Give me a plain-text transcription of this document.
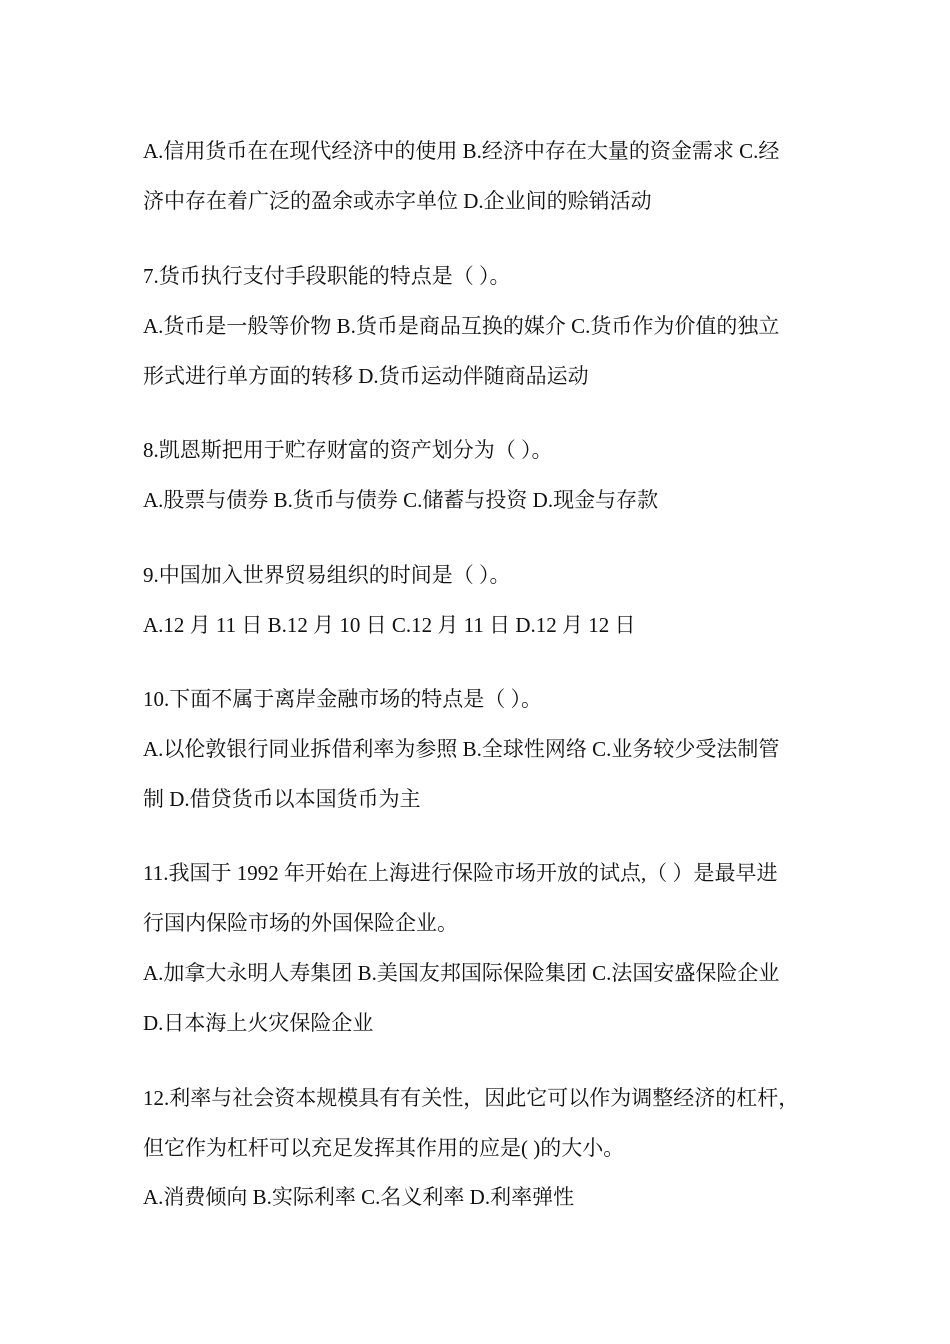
A.信用货币在在现代经济中的使用 B.经济中存在大量的资金需求 C.经
济中存在着广泛的盈余或赤字单位 D.企业间的赊销活动
7.货币执行支付手段职能的特点是（ ）。
A.货币是一般等价物 B.货币是商品互换的媒介 C.货币作为价值的独立
形式进行单方面的转移 D.货币运动伴随商品运动
8.凯恩斯把用于贮存财富的资产划分为（ ）。
A.股票与债券 B.货币与债券 C.储蓄与投资 D.现金与存款
9.中国加入世界贸易组织的时间是（ ）。
A.12 月 11 日 B.12 月 10 日 C.12 月 11 日 D.12 月 12 日
10.下面不属于离岸金融市场的特点是（ ）。
A.以伦敦银行同业拆借利率为参照 B.全球性网络 C.业务较少受法制管
制 D.借贷货币以本国货币为主
11.我国于 1992 年开始在上海进行保险市场开放的试点,（ ）是最早进
行国内保险市场的外国保险企业。
A.加拿大永明人寿集团 B.美国友邦国际保险集团 C.法国安盛保险企业
D.日本海上火灾保险企业
12.利率与社会资本规模具有有关性，因此它可以作为调整经济的杠杆，
但它作为杠杆可以充足发挥其作用的应是( )的大小。
A.消费倾向 B.实际利率 C.名义利率 D.利率弹性
